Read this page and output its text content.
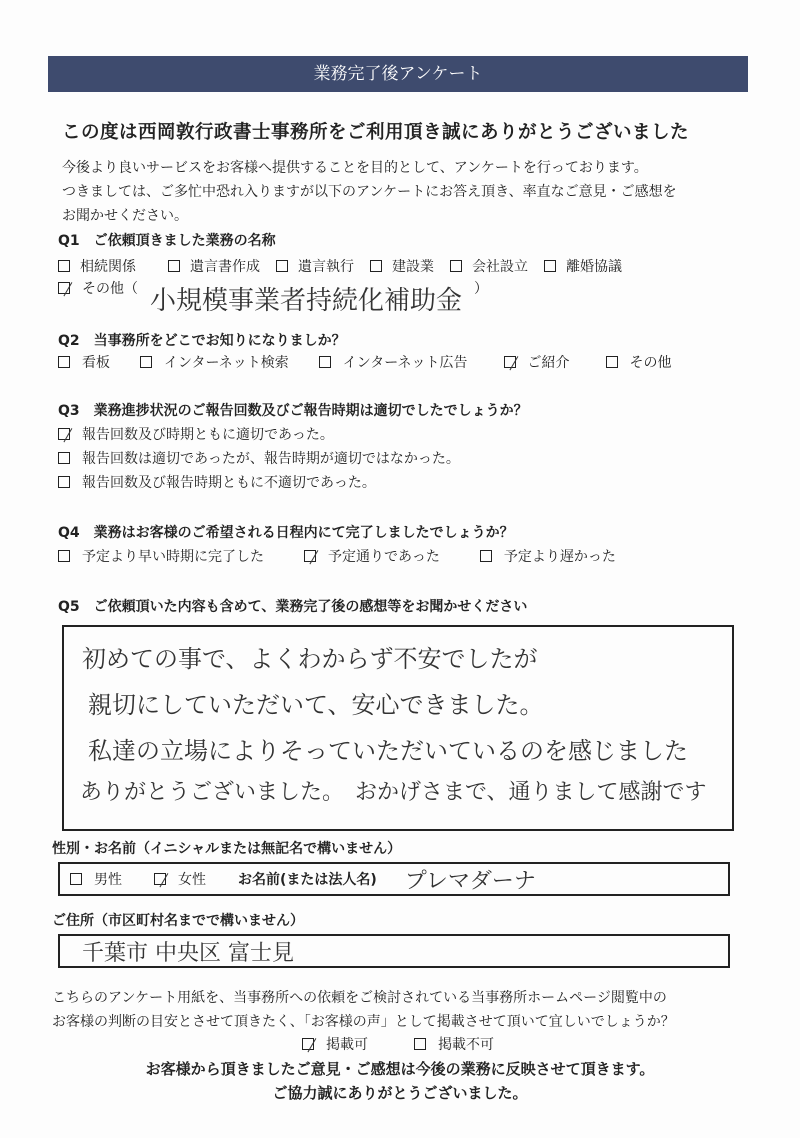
業務完了後アンケート
この度は西岡敦行政書士事務所をご利用頂き誠にありがとうございました
今後より良いサービスをお客様へ提供することを目的として、アンケートを行っております。
つきましては、ご多忙中恐れ入りますが以下のアンケートにお答え頂き、率直なご意見・ご感想を
お聞かせください。
Q1　ご依頼頂きました業務の名称
相続関係	遺言書作成	遺言執行	建設業	会社設立	離婚協議
その他（ 小規模事業者持続化補助金 ）
Q2　当事務所をどこでお知りになりましか？
看板	インターネット検索	インターネット広告	ご紹介	その他
Q3　業務進捗状況のご報告回数及びご報告時期は適切でしたでしょうか？
報告回数及び時期ともに適切であった。
報告回数は適切であったが、報告時期が適切ではなかった。
報告回数及び報告時期ともに不適切であった。
Q4　業務はお客様のご希望される日程内にて完了しましたでしょうか？
予定より早い時期に完了した	予定通りであった	予定より遅かった
Q5　ご依頼頂いた内容も含めて、業務完了後の感想等をお聞かせください
初めての事で、よくわからず不安でしたが
親切にしていただいて、安心できました。
私達の立場によりそっていただいているのを感じました
ありがとうございました。　おかげさまで、通りまして感謝です
性別・お名前（イニシャルまたは無記名で構いません）
男性	女性 お名前(または法人名) プレマダーナ
ご住所（市区町村名までで構いません）
千葉市 中央区 富士見
こちらのアンケート用紙を、当事務所への依頼をご検討されている当事務所ホームページ閲覧中の
お客様の判断の目安とさせて頂きたく、「お客様の声」として掲載させて頂いて宜しいでしょうか？
掲載可	掲載不可
お客様から頂きましたご意見・ご感想は今後の業務に反映させて頂きます。
ご協力誠にありがとうございました。
